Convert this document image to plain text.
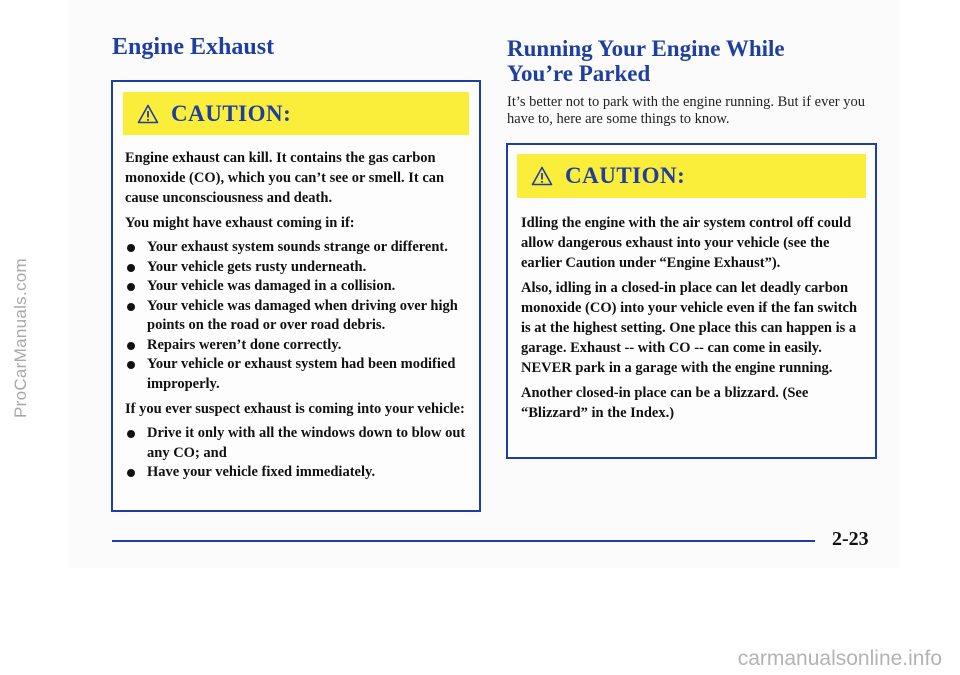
ProCarManuals.com
Engine Exhaust
CAUTION:

Engine exhaust can kill. It contains the gas carbon monoxide (CO), which you can’t see or smell. It can cause unconsciousness and death.

You might have exhaust coming in if:

Your exhaust system sounds strange or different.
Your vehicle gets rusty underneath.
Your vehicle was damaged in a collision.
Your vehicle was damaged when driving over high points on the road or over road debris.
Repairs weren’t done correctly.
Your vehicle or exhaust system had been modified improperly.

If you ever suspect exhaust is coming into your vehicle:

Drive it only with all the windows down to blow out any CO; and
Have your vehicle fixed immediately.
Running Your Engine While You’re Parked

It’s better not to park with the engine running. But if ever you have to, here are some things to know.

CAUTION:

Idling the engine with the air system control off could allow dangerous exhaust into your vehicle (see the earlier Caution under “Engine Exhaust”).

Also, idling in a closed-in place can let deadly carbon monoxide (CO) into your vehicle even if the fan switch is at the highest setting. One place this can happen is a garage. Exhaust -- with CO -- can come in easily. NEVER park in a garage with the engine running.

Another closed-in place can be a blizzard. (See “Blizzard” in the Index.)

2-23
carmanualsonline.info
